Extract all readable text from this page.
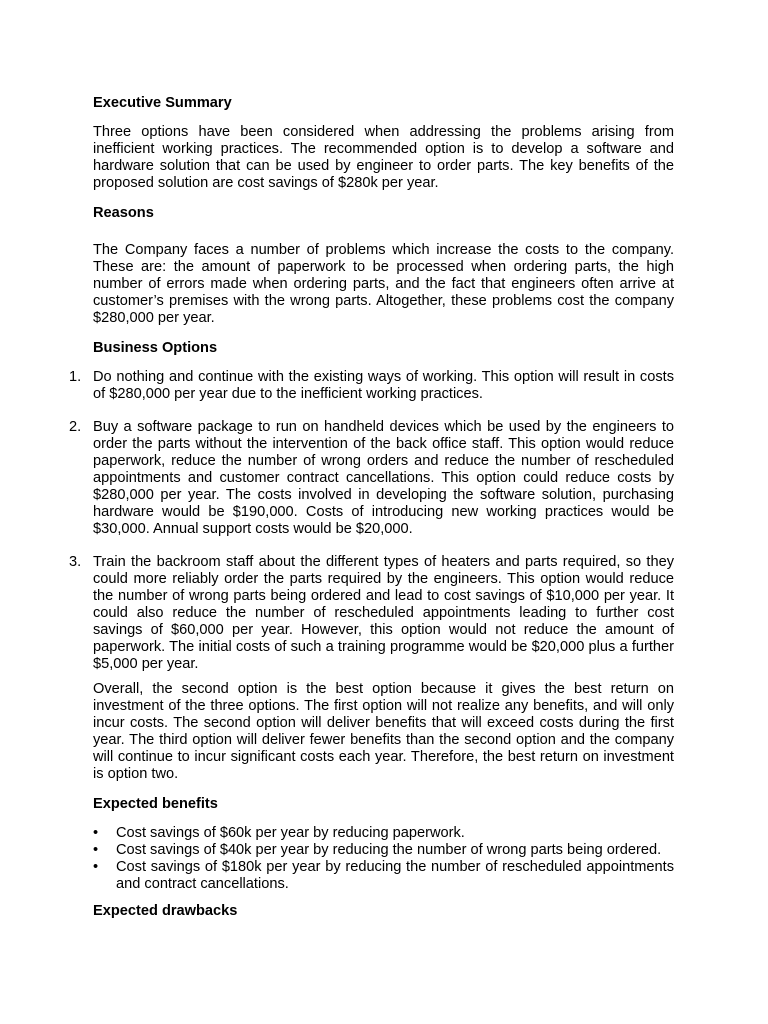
Executive Summary
Three options have been considered when addressing the problems arising from inefficient working practices. The recommended option is to develop a software and hardware solution that can be used by engineer to order parts. The key benefits of the proposed solution are cost savings of $280k per year.
Reasons
The Company faces a number of problems which increase the costs to the company. These are: the amount of paperwork to be processed when ordering parts, the high number of errors made when ordering parts, and the fact that engineers often arrive at customer’s premises with the wrong parts. Altogether, these problems cost the company $280,000 per year.
Business Options
1. Do nothing and continue with the existing ways of working. This option will result in costs of $280,000 per year due to the inefficient working practices.
2. Buy a software package to run on handheld devices which be used by the engineers to order the parts without the intervention of the back office staff. This option would reduce paperwork, reduce the number of wrong orders and reduce the number of rescheduled appointments and customer contract cancellations. This option could reduce costs by $280,000 per year. The costs involved in developing the software solution, purchasing hardware would be $190,000. Costs of introducing new working practices would be $30,000. Annual support costs would be $20,000.
3. Train the backroom staff about the different types of heaters and parts required, so they could more reliably order the parts required by the engineers. This option would reduce the number of wrong parts being ordered and lead to cost savings of $10,000 per year. It could also reduce the number of rescheduled appointments leading to further cost savings of $60,000 per year. However, this option would not reduce the amount of paperwork. The initial costs of such a training programme would be $20,000 plus a further $5,000 per year.
Overall, the second option is the best option because it gives the best return on investment of the three options. The first option will not realize any benefits, and will only incur costs. The second option will deliver benefits that will exceed costs during the first year. The third option will deliver fewer benefits than the second option and the company will continue to incur significant costs each year. Therefore, the best return on investment is option two.
Expected benefits
• Cost savings of $60k per year by reducing paperwork.
• Cost savings of $40k per year by reducing the number of wrong parts being ordered.
• Cost savings of $180k per year by reducing the number of rescheduled appointments and contract cancellations.
Expected drawbacks
